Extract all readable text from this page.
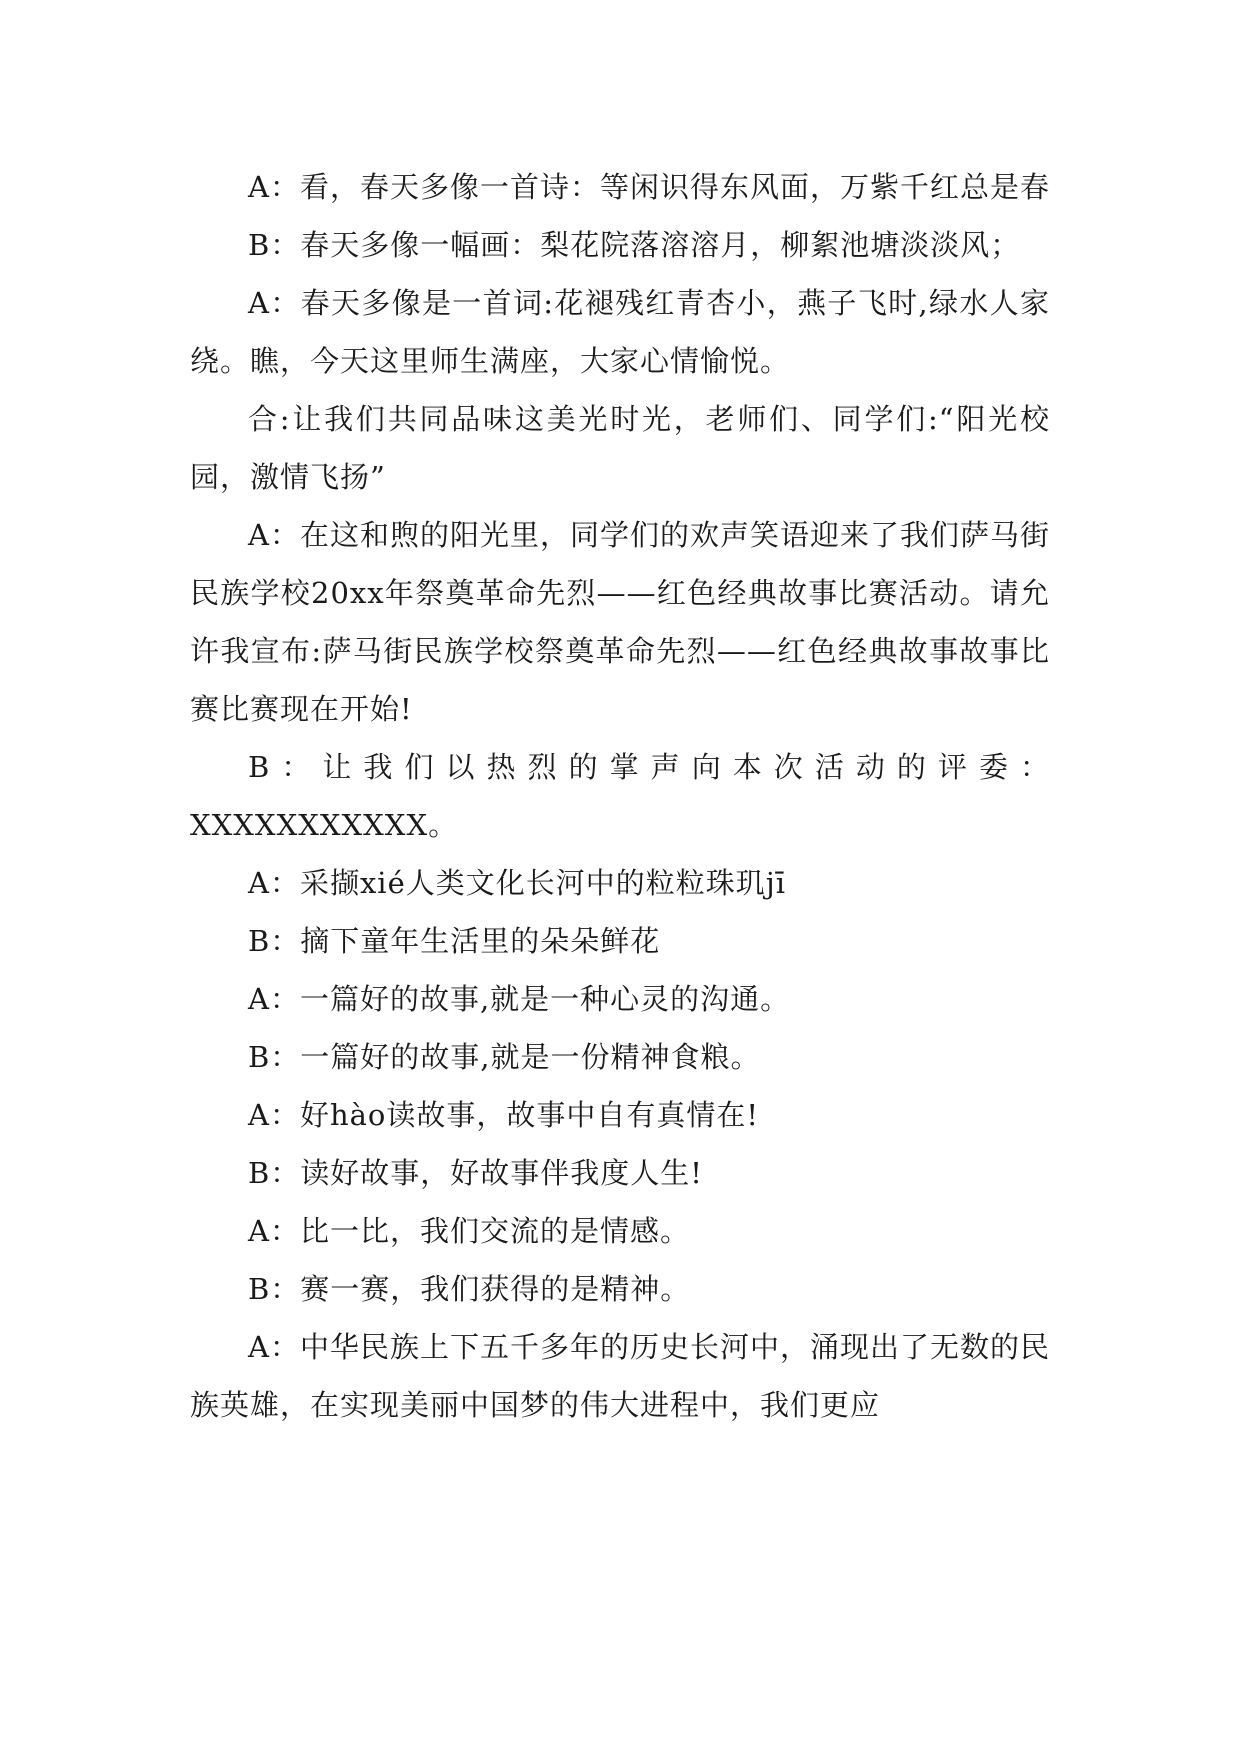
A：看，春天多像一首诗：等闲识得东风面，万紫千红总是春

B：春天多像一幅画：梨花院落溶溶月，柳絮池塘淡淡风；

A：春天多像是一首词:花褪残红青杏小，燕子飞时,绿水人家绕。瞧，今天这里师生满座，大家心情愉悦。

合:让我们共同品味这美光时光，老师们、同学们:“阳光校园，激情飞扬”

A：在这和煦的阳光里，同学们的欢声笑语迎来了我们萨马街民族学校20xx年祭奠革命先烈——红色经典故事比赛活动。请允许我宣布:萨马街民族学校祭奠革命先烈——红色经典故事故事比赛比赛现在开始!

B：让我们以热烈的掌声向本次活动的评委：XXXXXXXXXXX。

A：采撷xié人类文化长河中的粒粒珠玑jī

B：摘下童年生活里的朵朵鲜花

A：一篇好的故事,就是一种心灵的沟通。

B：一篇好的故事,就是一份精神食粮。

A：好hào读故事，故事中自有真情在!

B：读好故事，好故事伴我度人生!

A：比一比，我们交流的是情感。

B：赛一赛，我们获得的是精神。

A：中华民族上下五千多年的历史长河中，涌现出了无数的民族英雄，在实现美丽中国梦的伟大进程中，我们更应
